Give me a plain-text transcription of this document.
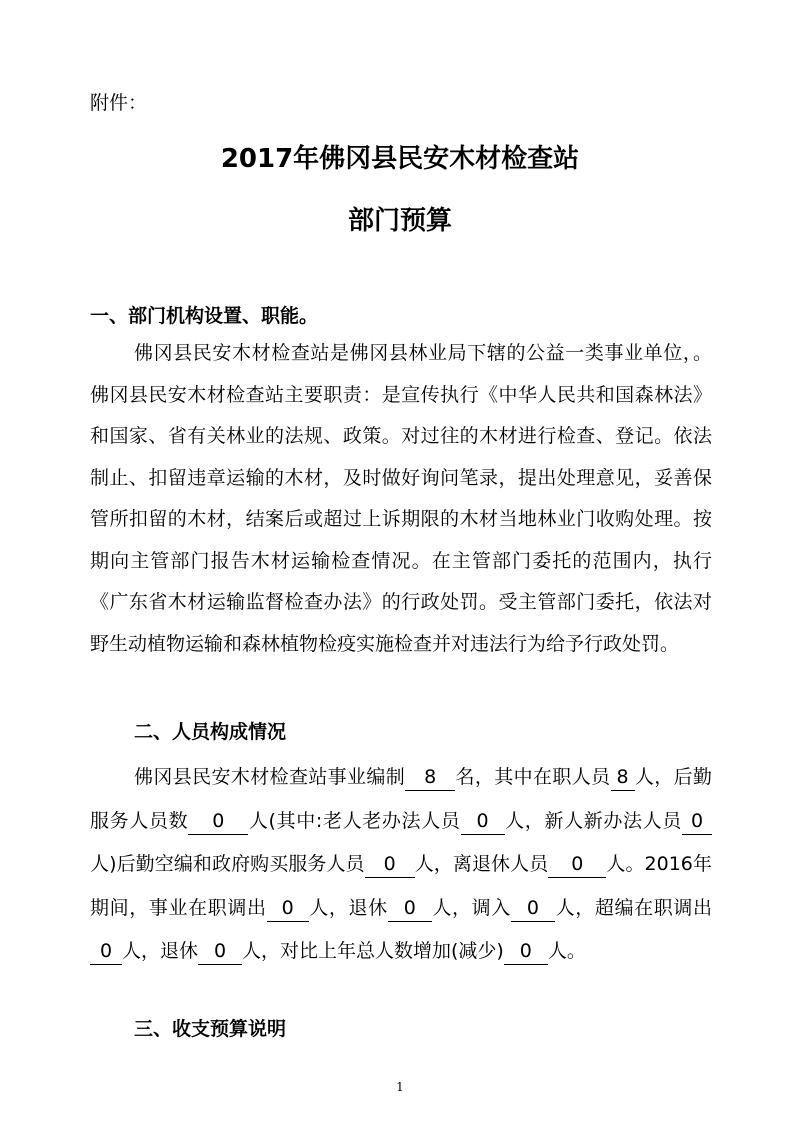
附件：
2017年佛冈县民安木材检查站
部门预算
一、部门机构设置、职能。
佛冈县民安木材检查站是佛冈县林业局下辖的公益一类事业单位，。佛冈县民安木材检查站主要职责：是宣传执行《中华人民共和国森林法》和国家、省有关林业的法规、政策。对过往的木材进行检查、登记。依法制止、扣留违章运输的木材，及时做好询问笔录，提出处理意见，妥善保管所扣留的木材，结案后或超过上诉期限的木材当地林业门收购处理。按期向主管部门报告木材运输检查情况。在主管部门委托的范围内，执行《广东省木材运输监督检查办法》的行政处罚。受主管部门委托，依法对野生动植物运输和森林植物检疫实施检查并对违法行为给予行政处罚。
二、人员构成情况
佛冈县民安木材检查站事业编制 8 名，其中在职人员 8 人，后勤服务人员数 0 人(其中:老人老办法人员 0 人，新人新办法人员 0人)后勤空编和政府购买服务人员 0 人，离退休人员 0 人。2016年期间，事业在职调出 0 人，退休 0 人，调入 0 人，超编在职调出0 人，退休 0 人，对比上年总人数增加(减少) 0 人。
三、收支预算说明
1
